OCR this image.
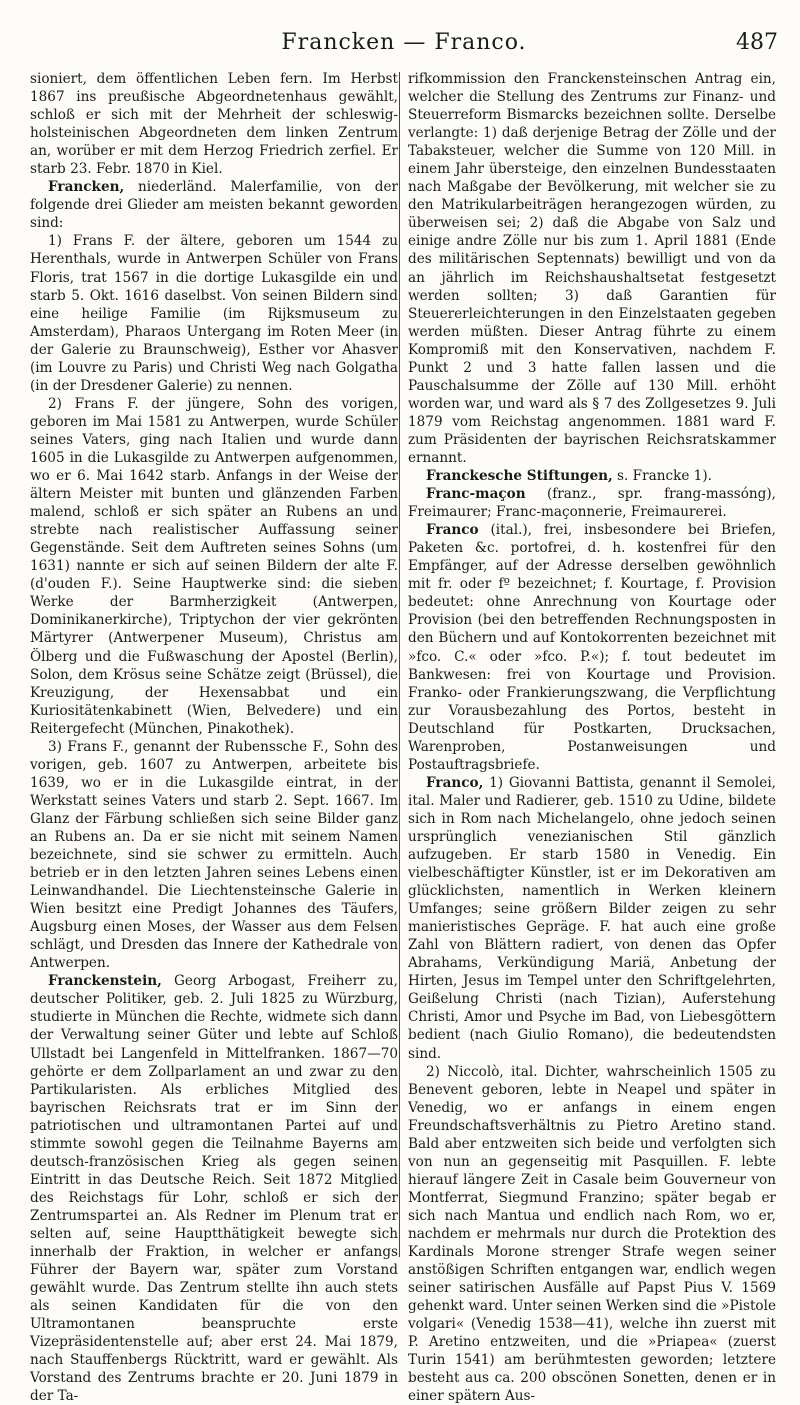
Francken — Franco.	487

sioniert, dem öffentlichen Leben fern. Im Herbst 1867 ins preußische Abgeordnetenhaus gewählt, schloß er sich mit der Mehrheit der schleswig-holsteinischen Abgeordneten dem linken Zentrum an, worüber er mit dem Herzog Friedrich zerfiel. Er starb 23. Febr. 1870 in Kiel.

Francken, niederländ. Malerfamilie, von der folgende drei Glieder am meisten bekannt geworden sind:

1) Frans F. der ältere, geboren um 1544 zu Herenthals, wurde in Antwerpen Schüler von Frans Floris, trat 1567 in die dortige Lukasgilde ein und starb 5. Okt. 1616 daselbst. Von seinen Bildern sind eine heilige Familie (im Rijksmuseum zu Amsterdam), Pharaos Untergang im Roten Meer (in der Galerie zu Braunschweig), Esther vor Ahasver (im Louvre zu Paris) und Christi Weg nach Golgatha (in der Dresdener Galerie) zu nennen.

2) Frans F. der jüngere, Sohn des vorigen, geboren im Mai 1581 zu Antwerpen, wurde Schüler seines Vaters, ging nach Italien und wurde dann 1605 in die Lukasgilde zu Antwerpen aufgenommen, wo er 6. Mai 1642 starb. Anfangs in der Weise der ältern Meister mit bunten und glänzenden Farben malend, schloß er sich später an Rubens an und strebte nach realistischer Auffassung seiner Gegenstände. Seit dem Auftreten seines Sohns (um 1631) nannte er sich auf seinen Bildern der alte F. (d'ouden F.). Seine Hauptwerke sind: die sieben Werke der Barmherzigkeit (Antwerpen, Dominikanerkirche), Triptychon der vier gekrönten Märtyrer (Antwerpener Museum), Christus am Ölberg und die Fußwaschung der Apostel (Berlin), Solon, dem Krösus seine Schätze zeigt (Brüssel), die Kreuzigung, der Hexensabbat und ein Kuriositätenkabinett (Wien, Belvedere) und ein Reitergefecht (München, Pinakothek).

3) Frans F., genannt der Rubenssche F., Sohn des vorigen, geb. 1607 zu Antwerpen, arbeitete bis 1639, wo er in die Lukasgilde eintrat, in der Werkstatt seines Vaters und starb 2. Sept. 1667. Im Glanz der Färbung schließen sich seine Bilder ganz an Rubens an. Da er sie nicht mit seinem Namen bezeichnete, sind sie schwer zu ermitteln. Auch betrieb er in den letzten Jahren seines Lebens einen Leinwandhandel. Die Liechtensteinsche Galerie in Wien besitzt eine Predigt Johannes des Täufers, Augsburg einen Moses, der Wasser aus dem Felsen schlägt, und Dresden das Innere der Kathedrale von Antwerpen.

Franckenstein, Georg Arbogast, Freiherr zu, deutscher Politiker, geb. 2. Juli 1825 zu Würzburg, studierte in München die Rechte, widmete sich dann der Verwaltung seiner Güter und lebte auf Schloß Ullstadt bei Langenfeld in Mittelfranken. 1867—70 gehörte er dem Zollparlament an und zwar zu den Partikularisten. Als erbliches Mitglied des bayrischen Reichsrats trat er im Sinn der patriotischen und ultramontanen Partei auf und stimmte sowohl gegen die Teilnahme Bayerns am deutsch-französischen Krieg als gegen seinen Eintritt in das Deutsche Reich. Seit 1872 Mitglied des Reichstags für Lohr, schloß er sich der Zentrumspartei an. Als Redner im Plenum trat er selten auf, seine Hauptthätigkeit bewegte sich innerhalb der Fraktion, in welcher er anfangs Führer der Bayern war, später zum Vorstand gewählt wurde. Das Zentrum stellte ihn auch stets als seinen Kandidaten für die von den Ultramontanen beanspruchte erste Vizepräsidentenstelle auf; aber erst 24. Mai 1879, nach Stauffenbergs Rücktritt, ward er gewählt. Als Vorstand des Zentrums brachte er 20. Juni 1879 in der Ta-

rifkommission den Franckensteinschen Antrag ein, welcher die Stellung des Zentrums zur Finanz- und Steuerreform Bismarcks bezeichnen sollte. Derselbe verlangte: 1) daß derjenige Betrag der Zölle und der Tabaksteuer, welcher die Summe von 120 Mill. in einem Jahr übersteige, den einzelnen Bundesstaaten nach Maßgabe der Bevölkerung, mit welcher sie zu den Matrikularbeiträgen herangezogen würden, zu überweisen sei; 2) daß die Abgabe von Salz und einige andre Zölle nur bis zum 1. April 1881 (Ende des militärischen Septennats) bewilligt und von da an jährlich im Reichshaushaltsetat festgesetzt werden sollten; 3) daß Garantien für Steuererleichterungen in den Einzelstaaten gegeben werden müßten. Dieser Antrag führte zu einem Kompromiß mit den Konservativen, nachdem F. Punkt 2 und 3 hatte fallen lassen und die Pauschalsumme der Zölle auf 130 Mill. erhöht worden war, und ward als § 7 des Zollgesetzes 9. Juli 1879 vom Reichstag angenommen. 1881 ward F. zum Präsidenten der bayrischen Reichsratskammer ernannt.

Franckesche Stiftungen, s. Francke 1).

Franc-maçon (franz., spr. frang-massóng), Freimaurer; Franc-maçonnerie, Freimaurerei.

Franco (ital.), frei, insbesondere bei Briefen, Paketen &c. portofrei, d. h. kostenfrei für den Empfänger, auf der Adresse derselben gewöhnlich mit fr. oder fº bezeichnet; f. Kourtage, f. Provision bedeutet: ohne Anrechnung von Kourtage oder Provision (bei den betreffenden Rechnungsposten in den Büchern und auf Kontokorrenten bezeichnet mit »fco. C.« oder »fco. P.«); f. tout bedeutet im Bankwesen: frei von Kourtage und Provision. Franko- oder Frankierungszwang, die Verpflichtung zur Vorausbezahlung des Portos, besteht in Deutschland für Postkarten, Drucksachen, Warenproben, Postanweisungen und Postauftragsbriefe.

Franco, 1) Giovanni Battista, genannt il Semolei, ital. Maler und Radierer, geb. 1510 zu Udine, bildete sich in Rom nach Michelangelo, ohne jedoch seinen ursprünglich venezianischen Stil gänzlich aufzugeben. Er starb 1580 in Venedig. Ein vielbeschäftigter Künstler, ist er im Dekorativen am glücklichsten, namentlich in Werken kleinern Umfanges; seine größern Bilder zeigen zu sehr manieristisches Gepräge. F. hat auch eine große Zahl von Blättern radiert, von denen das Opfer Abrahams, Verkündigung Mariä, Anbetung der Hirten, Jesus im Tempel unter den Schriftgelehrten, Geißelung Christi (nach Tizian), Auferstehung Christi, Amor und Psyche im Bad, von Liebesgöttern bedient (nach Giulio Romano), die bedeutendsten sind.

2) Niccolò, ital. Dichter, wahrscheinlich 1505 zu Benevent geboren, lebte in Neapel und später in Venedig, wo er anfangs in einem engen Freundschaftsverhältnis zu Pietro Aretino stand. Bald aber entzweiten sich beide und verfolgten sich von nun an gegenseitig mit Pasquillen. F. lebte hierauf längere Zeit in Casale beim Gouverneur von Montferrat, Siegmund Franzino; später begab er sich nach Mantua und endlich nach Rom, wo er, nachdem er mehrmals nur durch die Protektion des Kardinals Morone strenger Strafe wegen seiner anstößigen Schriften entgangen war, endlich wegen seiner satirischen Ausfälle auf Papst Pius V. 1569 gehenkt ward. Unter seinen Werken sind die »Pistole volgari« (Venedig 1538—41), welche ihn zuerst mit P. Aretino entzweiten, und die »Priapea« (zuerst Turin 1541) am berühmtesten geworden; letztere besteht aus ca. 200 obscönen Sonetten, denen er in einer spätern Aus-
